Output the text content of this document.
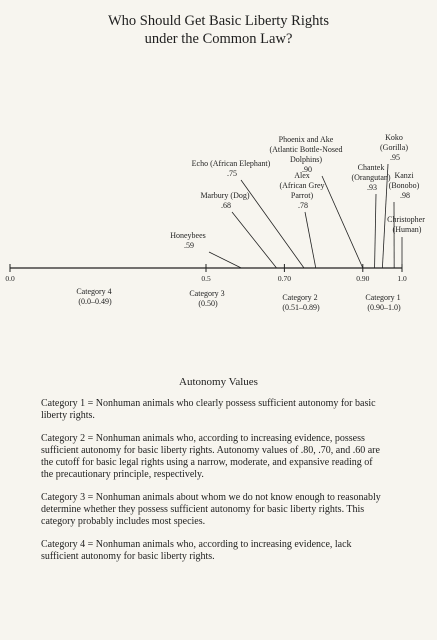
Who Should Get Basic Liberty Rights
under the Common Law?
0.0	0.5	0.70	0.90	1.0
Honeybees .59
Marbury (Dog) .68
Echo (African Elephant) .75	Alex (African Grey Parrot) .78
Phoenix and Ake (Atlantic Bottle-Nosed Dolphins) .90	Chantek (Orangutan) .93
Koko (Gorilla) .95
Kanzi (Bonobo) .98
Christopher (Human)
Category 4 (0.0–0.49)
Category 3 (0.50)
Category 2 (0.51–0.89)
Category 1 (0.90–1.0)
Autonomy Values

Category 1 = Nonhuman animals who clearly possess sufficient autonomy for basic liberty rights.

Category 2 = Nonhuman animals who, according to increasing evidence, possess sufficient autonomy for basic liberty rights. Autonomy values of .80, .70, and .60 are the cutoff for basic legal rights using a narrow, moderate, and expansive reading of the precautionary principle, respectively.

Category 3 = Nonhuman animals about whom we do not know enough to reasonably determine whether they possess sufficient autonomy for basic liberty rights. This category probably includes most species.

Category 4 = Nonhuman animals who, according to increasing evidence, lack sufficient autonomy for basic liberty rights.
